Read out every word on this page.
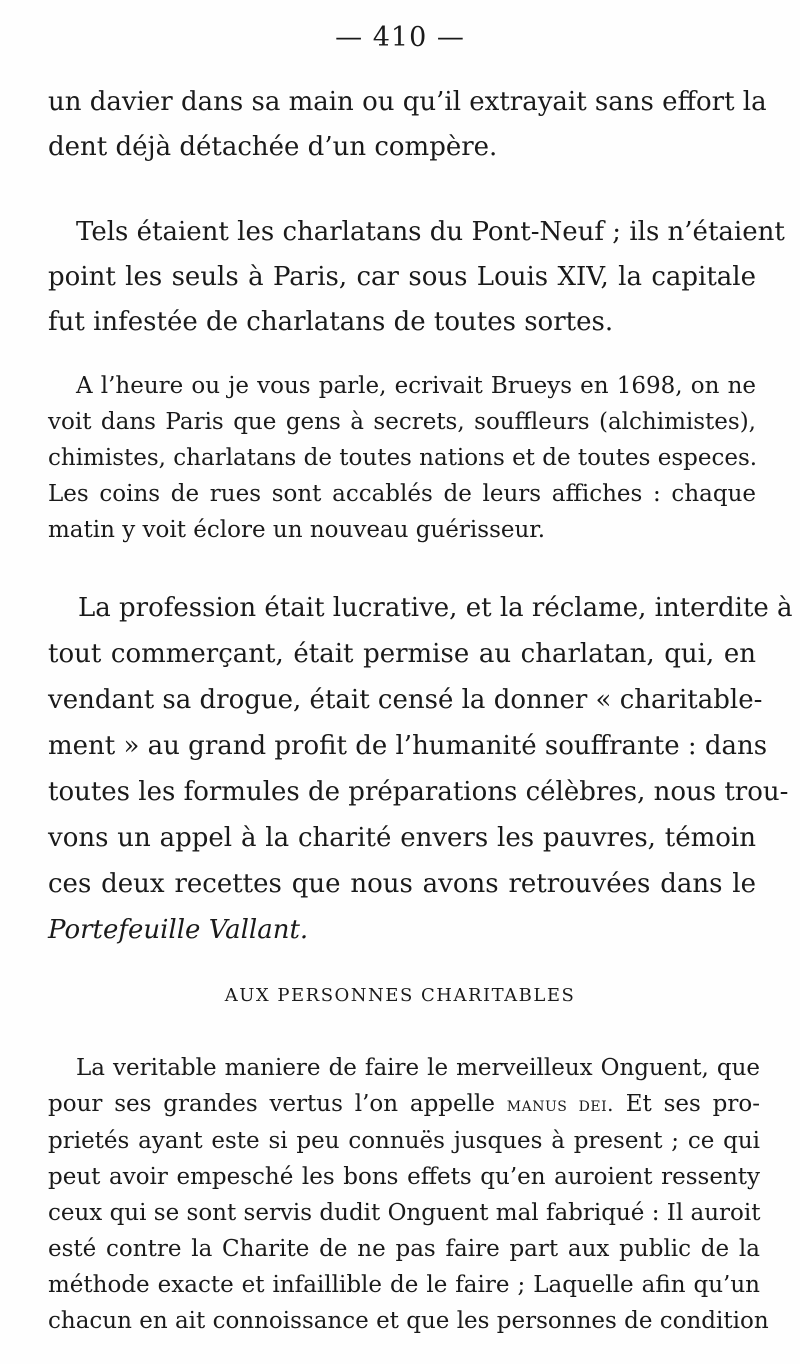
— 410 —
un davier dans sa main ou qu’il extrayait sans effort la
dent déjà détachée d’un compère.
Tels étaient les charlatans du Pont-Neuf ; ils n’étaient
point les seuls à Paris, car sous Louis XIV, la capitale
fut infestée de charlatans de toutes sortes.
A l’heure ou je vous parle, ecrivait Brueys en 1698, on ne
voit dans Paris que gens à secrets, souffleurs (alchimistes),
chimistes, charlatans de toutes nations et de toutes especes.
Les coins de rues sont accablés de leurs affiches : chaque
matin y voit éclore un nouveau guérisseur.
La profession était lucrative, et la réclame, interdite à
tout commerçant, était permise au charlatan, qui, en
vendant sa drogue, était censé la donner « charitable-
ment » au grand profit de l’humanité souffrante : dans
toutes les formules de préparations célèbres, nous trou-
vons un appel à la charité envers les pauvres, témoin
ces deux recettes que nous avons retrouvées dans le
Portefeuille Vallant.
AUX PERSONNES CHARITABLES
La veritable maniere de faire le merveilleux Onguent, que
pour ses grandes vertus l’on appelle manus dei. Et ses pro-
prietés ayant este si peu connuës jusques à present ; ce qui
peut avoir empesché les bons effets qu’en auroient ressenty
ceux qui se sont servis dudit Onguent mal fabriqué : Il auroit
esté contre la Charite de ne pas faire part aux public de la
méthode exacte et infaillible de le faire ; Laquelle afin qu’un
chacun en ait connoissance et que les personnes de condition
